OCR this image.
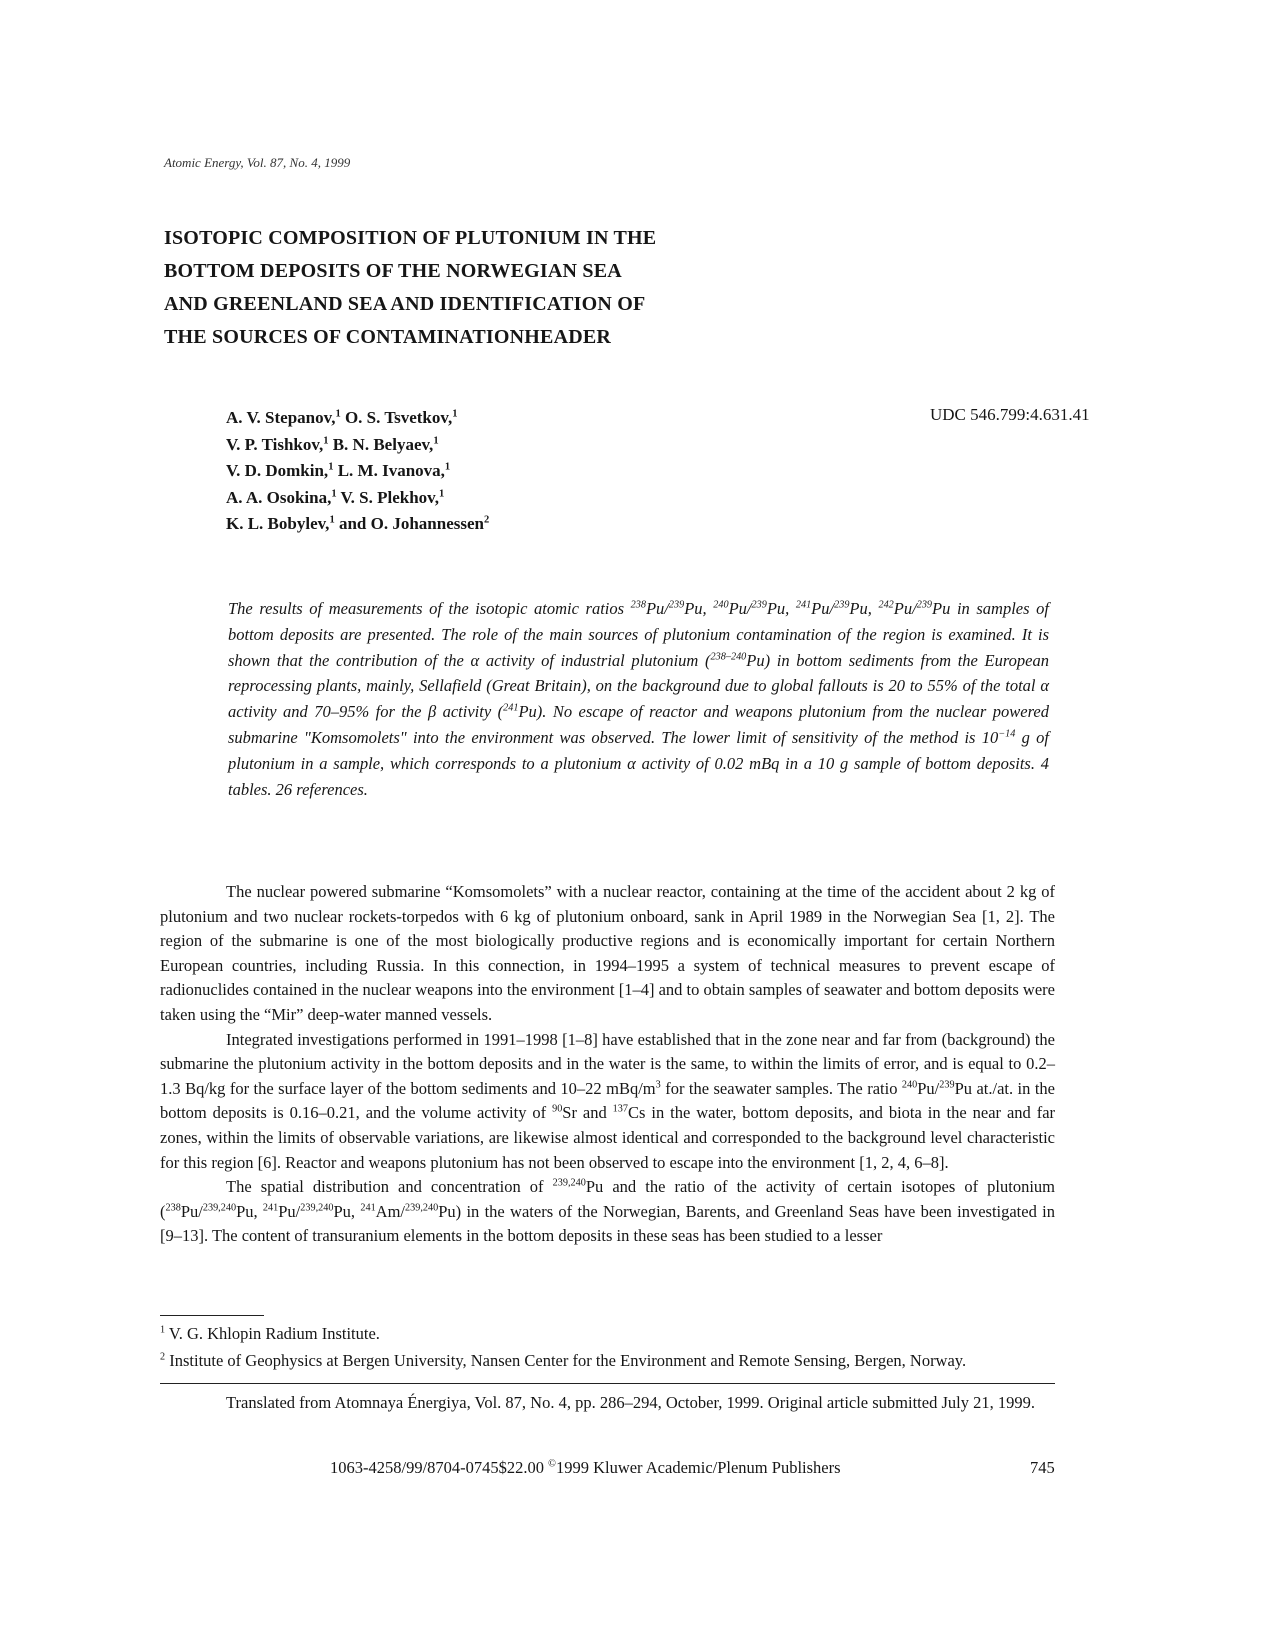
Atomic Energy, Vol. 87, No. 4, 1999
ISOTOPIC COMPOSITION OF PLUTONIUM IN THE
BOTTOM DEPOSITS OF THE NORWEGIAN SEA
AND GREENLAND SEA AND IDENTIFICATION OF
THE SOURCES OF CONTAMINATIONHEADER
A. V. Stepanov,$^1$ O. S. Tsvetkov,$^1$
V. P. Tishkov,$^1$ B. N. Belyaev,$^1$
V. D. Domkin,$^1$ L. M. Ivanova,$^1$
A. A. Osokina,$^1$ V. S. Plekhov,$^1$
K. L. Bobylev,$^1$ and O. Johannessen$^2$
UDC 546.799:4.631.41
The results of measurements of the isotopic atomic ratios $^{238}$Pu/$^{239}$Pu, $^{240}$Pu/$^{239}$Pu, $^{241}$Pu/$^{239}$Pu, $^{242}$Pu/$^{239}$Pu in samples of bottom deposits are presented. The role of the main sources of plutonium contamination of the region is examined. It is shown that the contribution of the α activity of industrial plutonium ($^{238-240}$Pu) in bottom sediments from the European reprocessing plants, mainly, Sellafield (Great Britain), on the background due to global fallouts is 20 to 55% of the total α activity and 70–95% for the β activity ($^{241}$Pu). No escape of reactor and weapons plutonium from the nuclear powered submarine "Komsomolets" into the environment was observed. The lower limit of sensitivity of the method is $10^{-14}$ g of plutonium in a sample, which corresponds to a plutonium α activity of 0.02 mBq in a 10 g sample of bottom deposits. 4 tables. 26 references.

The nuclear powered submarine “Komsomolets” with a nuclear reactor, containing at the time of the accident about 2 kg of plutonium and two nuclear rockets-torpedos with 6 kg of plutonium onboard, sank in April 1989 in the Norwegian Sea [1, 2]. The region of the submarine is one of the most biologically productive regions and is economically important for certain Northern European countries, including Russia. In this connection, in 1994–1995 a system of technical measures to prevent escape of radionuclides contained in the nuclear weapons into the environment [1–4] and to obtain samples of seawater and bottom deposits were taken using the “Mir” deep-water manned vessels.

Integrated investigations performed in 1991–1998 [1–8] have established that in the zone near and far from (background) the submarine the plutonium activity in the bottom deposits and in the water is the same, to within the limits of error, and is equal to 0.2–1.3 Bq/kg for the surface layer of the bottom sediments and 10–22 mBq/$m^3$ for the seawater samples. The ratio $^{240}$Pu/$^{239}$Pu at./at. in the bottom deposits is 0.16–0.21, and the volume activity of $^{90}$Sr and $^{137}$Cs in the water, bottom deposits, and biota in the near and far zones, within the limits of observable variations, are likewise almost identical and corresponded to the background level characteristic for this region [6]. Reactor and weapons plutonium has not been observed to escape into the environment [1, 2, 4, 6–8].

The spatial distribution and concentration of $^{239,240}$Pu and the ratio of the activity of certain isotopes of plutonium ($^{238}$Pu/$^{239,240}$Pu, $^{241}$Pu/$^{239,240}$Pu, $^{241}$Am/$^{239,240}$Pu) in the waters of the Norwegian, Barents, and Greenland Seas have been investigated in [9–13]. The content of transuranium elements in the bottom deposits in these seas has been studied to a lesser

$^1$ V. G. Khlopin Radium Institute.
$^2$ Institute of Geophysics at Bergen University, Nansen Center for the Environment and Remote Sensing, Bergen, Norway.

Translated from Atomnaya Énergiya, Vol. 87, No. 4, pp. 286–294, October, 1999. Original article submitted July 21, 1999.

1063-4258/99/8704-0745$22.00 ©1999 Kluwer Academic/Plenum Publishers	745
